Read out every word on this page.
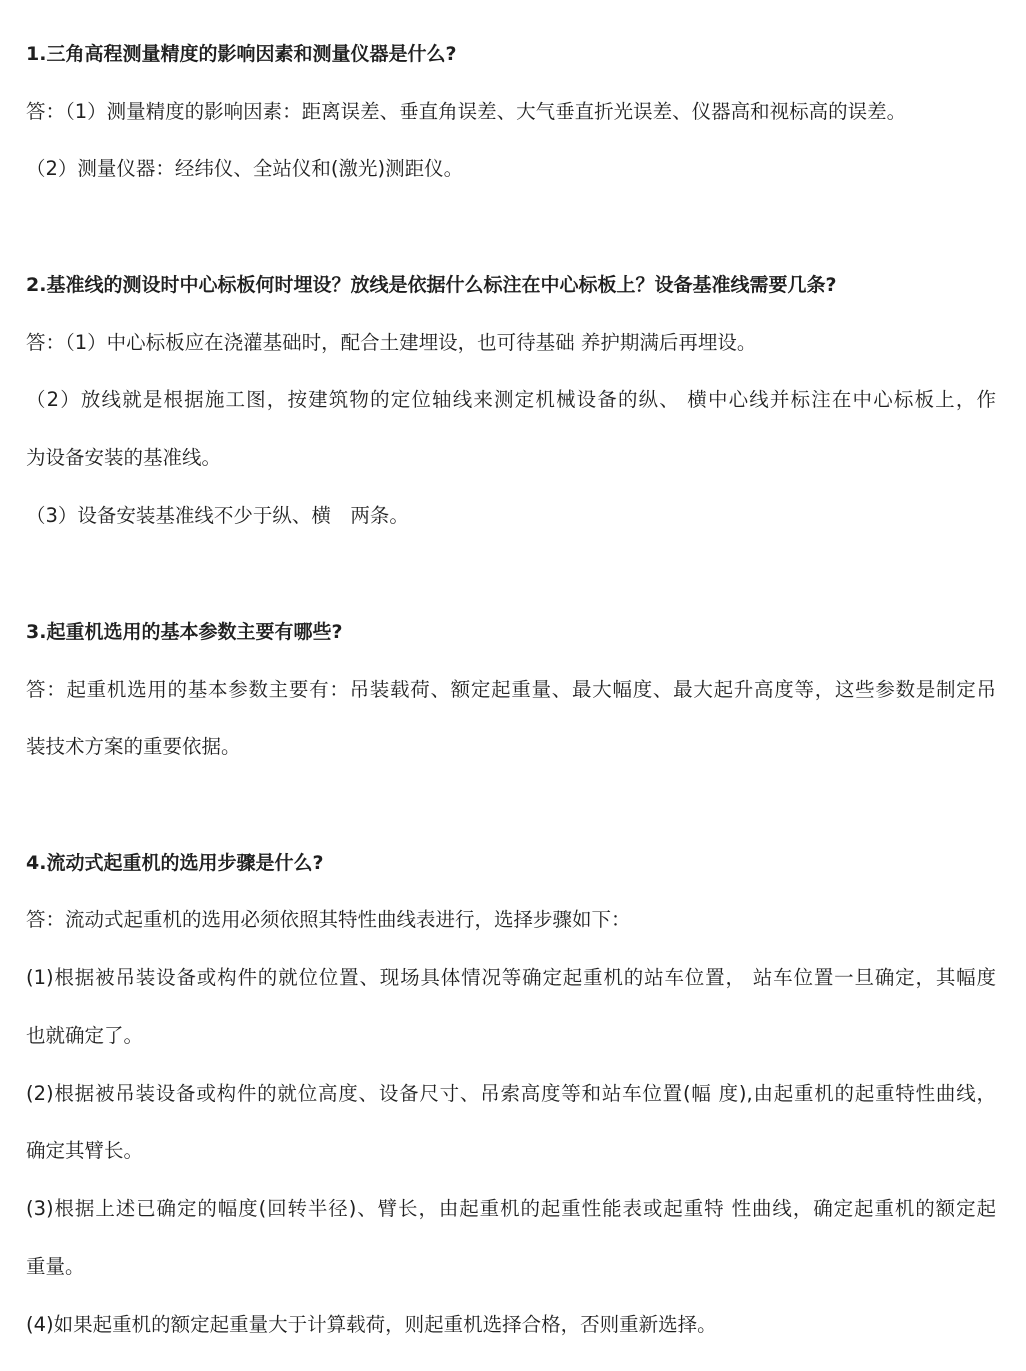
1.三角高程测量精度的影响因素和测量仪器是什么?
答：（1）测量精度的影响因素：距离误差、垂直角误差、大气垂直折光误差、仪器高和视标高的误差。
（2）测量仪器：经纬仪、全站仪和(激光)测距仪。
2.基准线的测设时中心标板何时埋设？放线是依据什么标注在中心标板上？设备基准线需要几条?
答：（1）中心标板应在浇灌基础时，配合土建埋设，也可待基础 养护期满后再埋设。
（2）放线就是根据施工图，按建筑物的定位轴线来测定机械设备的纵、 横中心线并标注在中心标板上，作
为设备安装的基准线。
（3）设备安装基准线不少于纵、横　两条。
3.起重机选用的基本参数主要有哪些?
答：起重机选用的基本参数主要有：吊装载荷、额定起重量、最大幅度、最大起升高度等，这些参数是制定吊
装技术方案的重要依据。
4.流动式起重机的选用步骤是什么?
答：流动式起重机的选用必须依照其特性曲线表进行，选择步骤如下：
(1)根据被吊装设备或构件的就位位置、现场具体情况等确定起重机的站车位置， 站车位置一旦确定，其幅度
也就确定了。
(2)根据被吊装设备或构件的就位高度、设备尺寸、吊索高度等和站车位置(幅 度),由起重机的起重特性曲线，
确定其臂长。
(3)根据上述已确定的幅度(回转半径)、臂长，由起重机的起重性能表或起重特 性曲线，确定起重机的额定起
重量。
(4)如果起重机的额定起重量大于计算载荷，则起重机选择合格，否则重新选择。
